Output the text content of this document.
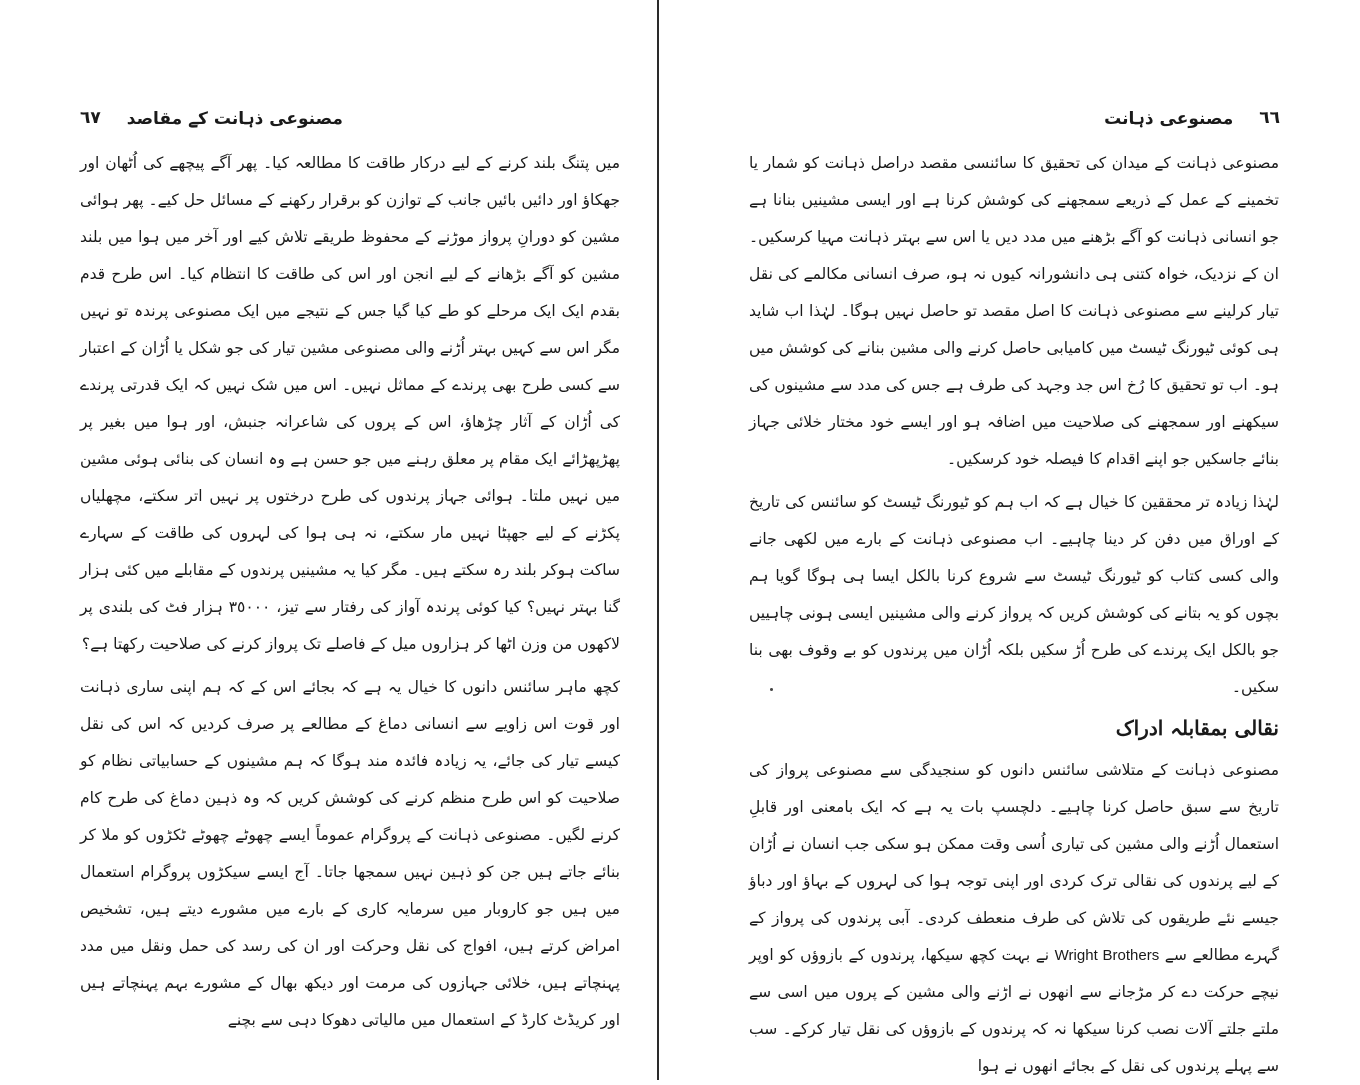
٦٧ مصنوعی ذہانت کے مقاصد

میں پتنگ بلند کرنے کے لیے درکار طاقت کا مطالعہ کیا۔ پھر آگے پیچھے کی اُٹھان اور جھکاؤ اور دائیں بائیں جانب کے توازن کو برقرار رکھنے کے مسائل حل کیے۔ پھر ہوائی مشین کو دورانِ پرواز موڑنے کے محفوظ طریقے تلاش کیے اور آخر میں ہوا میں بلند مشین کو آگے بڑھانے کے لیے انجن اور اس کی طاقت کا انتظام کیا۔ اس طرح قدم بقدم ایک ایک مرحلے کو طے کیا گیا جس کے نتیجے میں ایک مصنوعی پرندہ تو نہیں مگر اس سے کہیں بہتر اُڑنے والی مصنوعی مشین تیار کی جو شکل یا اُڑان کے اعتبار سے کسی طرح بھی پرندے کے مماثل نہیں۔ اس میں شک نہیں کہ ایک قدرتی پرندے کی اُڑان کے آثار چڑھاؤ، اس کے پروں کی شاعرانہ جنبش، اور ہوا میں بغیر پر پھڑپھڑائے ایک مقام پر معلق رہنے میں جو حسن ہے وہ انسان کی بنائی ہوئی مشین میں نہیں ملتا۔ ہوائی جہاز پرندوں کی طرح درختوں پر نہیں اتر سکتے، مچھلیاں پکڑنے کے لیے جھپٹا نہیں مار سکتے، نہ ہی ہوا کی لہروں کی طاقت کے سہارے ساکت ہوکر بلند رہ سکتے ہیں۔ مگر کیا یہ مشینیں پرندوں کے مقابلے میں کئی ہزار گنا بہتر نہیں؟ کیا کوئی پرندہ آواز کی رفتار سے تیز، ٣٥٠٠٠ ہزار فٹ کی بلندی پر لاکھوں من وزن اٹھا کر ہزاروں میل کے فاصلے تک پرواز کرنے کی صلاحیت رکھتا ہے؟

کچھ ماہر سائنس دانوں کا خیال یہ ہے کہ بجائے اس کے کہ ہم اپنی ساری ذہانت اور قوت اس زاویے سے انسانی دماغ کے مطالعے پر صرف کردیں کہ اس کی نقل کیسے تیار کی جائے، یہ زیادہ فائدہ مند ہوگا کہ ہم مشینوں کے حسابیاتی نظام کو صلاحیت کو اس طرح منظم کرنے کی کوشش کریں کہ وہ ذہین دماغ کی طرح کام کرنے لگیں۔ مصنوعی ذہانت کے پروگرام عموماً ایسے چھوٹے چھوٹے ٹکڑوں کو ملا کر بنائے جاتے ہیں جن کو ذہین نہیں سمجھا جاتا۔ آج ایسے سیکڑوں پروگرام استعمال میں ہیں جو کاروبار میں سرمایہ کاری کے بارے میں مشورے دیتے ہیں، تشخیص امراض کرتے ہیں، افواج کی نقل وحرکت اور ان کی رسد کی حمل ونقل میں مدد پہنچاتے ہیں، خلائی جہازوں کی مرمت اور دیکھ بھال کے مشورے بہم پہنچاتے ہیں اور کریڈٹ کارڈ کے استعمال میں مالیاتی دھوکا دہی سے بچنے

مصنوعی ذہانت ٦٦

مصنوعی ذہانت کے میدان کی تحقیق کا سائنسی مقصد دراصل ذہانت کو شمار یا تخمینے کے عمل کے ذریعے سمجھنے کی کوشش کرنا ہے اور ایسی مشینیں بنانا ہے جو انسانی ذہانت کو آگے بڑھنے میں مدد دیں یا اس سے بہتر ذہانت مہیا کرسکیں۔ ان کے نزدیک، خواہ کتنی ہی دانشورانہ کیوں نہ ہو، صرف انسانی مکالمے کی نقل تیار کرلینے سے مصنوعی ذہانت کا اصل مقصد تو حاصل نہیں ہوگا۔ لہٰذا اب شاید ہی کوئی ٹیورنگ ٹیسٹ میں کامیابی حاصل کرنے والی مشین بنانے کی کوشش میں ہو۔ اب تو تحقیق کا رُخ اس جد وجہد کی طرف ہے جس کی مدد سے مشینوں کی سیکھنے اور سمجھنے کی صلاحیت میں اضافہ ہو اور ایسے خود مختار خلائی جہاز بنائے جاسکیں جو اپنے اقدام کا فیصلہ خود کرسکیں۔

لہٰذا زیادہ تر محققین کا خیال ہے کہ اب ہم کو ٹیورنگ ٹیسٹ کو سائنس کی تاریخ کے اوراق میں دفن کر دینا چاہیے۔ اب مصنوعی ذہانت کے بارے میں لکھی جانے والی کسی کتاب کو ٹیورنگ ٹیسٹ سے شروع کرنا بالکل ایسا ہی ہوگا گویا ہم بچوں کو یہ بتانے کی کوشش کریں کہ پرواز کرنے والی مشینیں ایسی ہونی چاہییں جو بالکل ایک پرندے کی طرح اُڑ سکیں بلکہ اُڑان میں پرندوں کو بے وقوف بھی بنا سکیں۔

نقالی بمقابلہ ادراک

مصنوعی ذہانت کے متلاشی سائنس دانوں کو سنجیدگی سے مصنوعی پرواز کی تاریخ سے سبق حاصل کرنا چاہیے۔ دلچسپ بات یہ ہے کہ ایک بامعنی اور قابلِ استعمال اُڑنے والی مشین کی تیاری اُسی وقت ممکن ہو سکی جب انسان نے اُڑان کے لیے پرندوں کی نقالی ترک کردی اور اپنی توجہ ہوا کی لہروں کے بہاؤ اور دباؤ جیسے نئے طریقوں کی تلاش کی طرف منعطف کردی۔ آبی پرندوں کی پرواز کے گہرے مطالعے سے Wright Brothers نے بہت کچھ سیکھا، پرندوں کے بازوؤں کو اوپر نیچے حرکت دے کر مڑجانے سے انھوں نے اڑنے والی مشین کے پروں میں اسی سے ملتے جلتے آلات نصب کرنا سیکھا نہ کہ پرندوں کے بازوؤں کی نقل تیار کرکے۔ سب سے پہلے پرندوں کی نقل کے بجائے انھوں نے ہوا
